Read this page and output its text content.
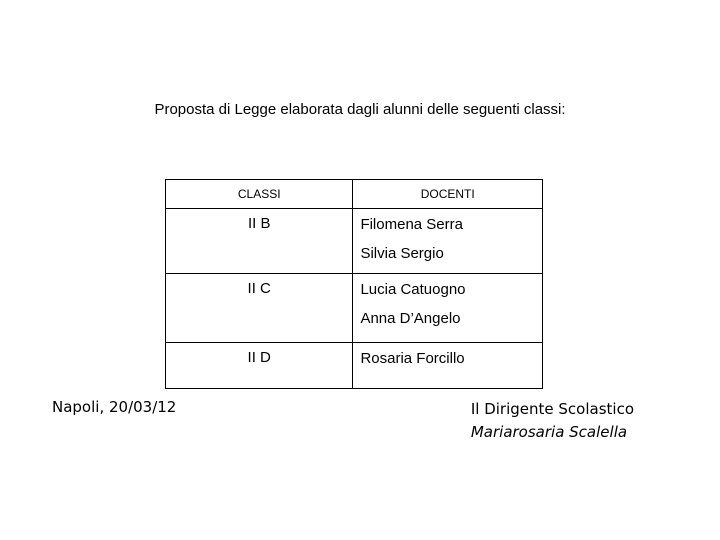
Proposta di Legge elaborata dagli alunni delle seguenti classi:
CLASSI	DOCENTI
II B	Filomena Serra
Silvia Sergio

II C	Lucia Catuogno
Anna D’Angelo

II D	Rosaria Forcillo
Napoli, 20/03/12	Il Dirigente Scolastico
Mariarosaria Scalella
